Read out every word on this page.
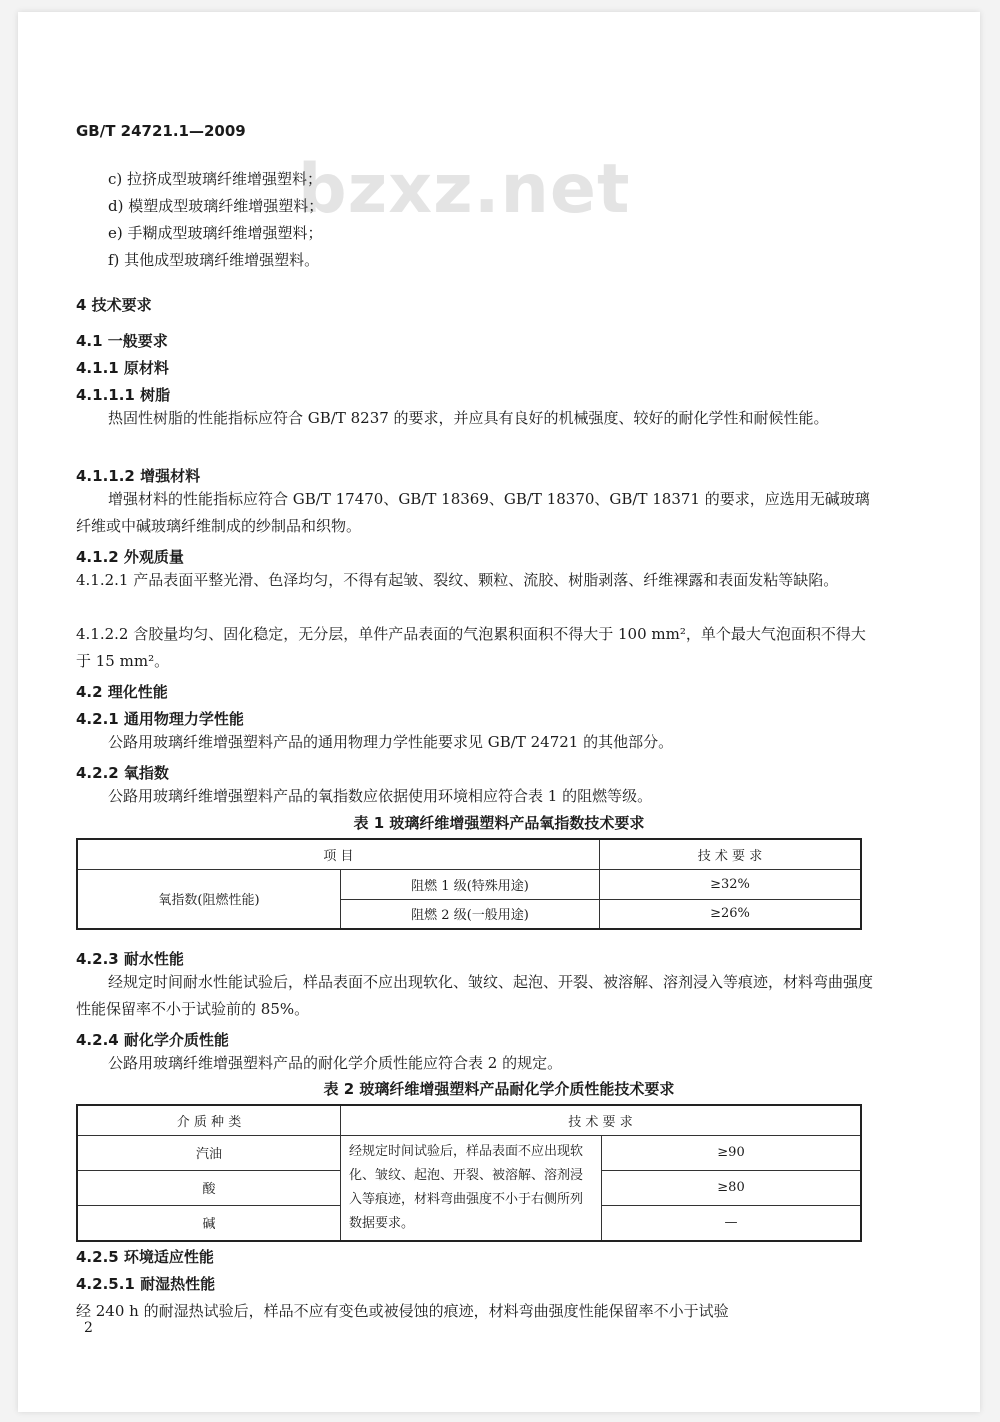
bzxz.net
GB/T 24721.1—2009
c) 拉挤成型玻璃纤维增强塑料；
d) 模塑成型玻璃纤维增强塑料；
e) 手糊成型玻璃纤维增强塑料；
f) 其他成型玻璃纤维增强塑料。
4 技术要求
4.1 一般要求
4.1.1 原材料
4.1.1.1 树脂
热固性树脂的性能指标应符合 GB/T 8237 的要求，并应具有良好的机械强度、较好的耐化学性和耐候性能。
4.1.1.2 增强材料
增强材料的性能指标应符合 GB/T 17470、GB/T 18369、GB/T 18370、GB/T 18371 的要求，应选用无碱玻璃纤维或中碱玻璃纤维制成的纱制品和织物。
4.1.2 外观质量
4.1.2.1 产品表面平整光滑、色泽均匀，不得有起皱、裂纹、颗粒、流胶、树脂剥落、纤维裸露和表面发粘等缺陷。
4.1.2.2 含胶量均匀、固化稳定，无分层，单件产品表面的气泡累积面积不得大于 100 mm²，单个最大气泡面积不得大于 15 mm²。
4.2 理化性能
4.2.1 通用物理力学性能
公路用玻璃纤维增强塑料产品的通用物理力学性能要求见 GB/T 24721 的其他部分。
4.2.2 氧指数
公路用玻璃纤维增强塑料产品的氧指数应依据使用环境相应符合表 1 的阻燃等级。
表 1 玻璃纤维增强塑料产品氧指数技术要求
项 目		技 术 要 求
氧指数(阻燃性能)	阻燃 1 级(特殊用途)	≥32%
	阻燃 2 级(一般用途)	≥26%
4.2.3 耐水性能
经规定时间耐水性能试验后，样品表面不应出现软化、皱纹、起泡、开裂、被溶解、溶剂浸入等痕迹，材料弯曲强度性能保留率不小于试验前的 85%。
4.2.4 耐化学介质性能
公路用玻璃纤维增强塑料产品的耐化学介质性能应符合表 2 的规定。
表 2 玻璃纤维增强塑料产品耐化学介质性能技术要求
介 质 种 类	技 术 要 求	
汽油	经规定时间试验后，样品表面不应出现软化、皱纹、起泡、开裂、被溶解、溶剂浸入等痕迹，材料弯曲强度不小于右侧所列数据要求。	≥90
酸		≥80
碱		—
4.2.5 环境适应性能
4.2.5.1 耐湿热性能
经 240 h 的耐湿热试验后，样品不应有变色或被侵蚀的痕迹，材料弯曲强度性能保留率不小于试验
2
